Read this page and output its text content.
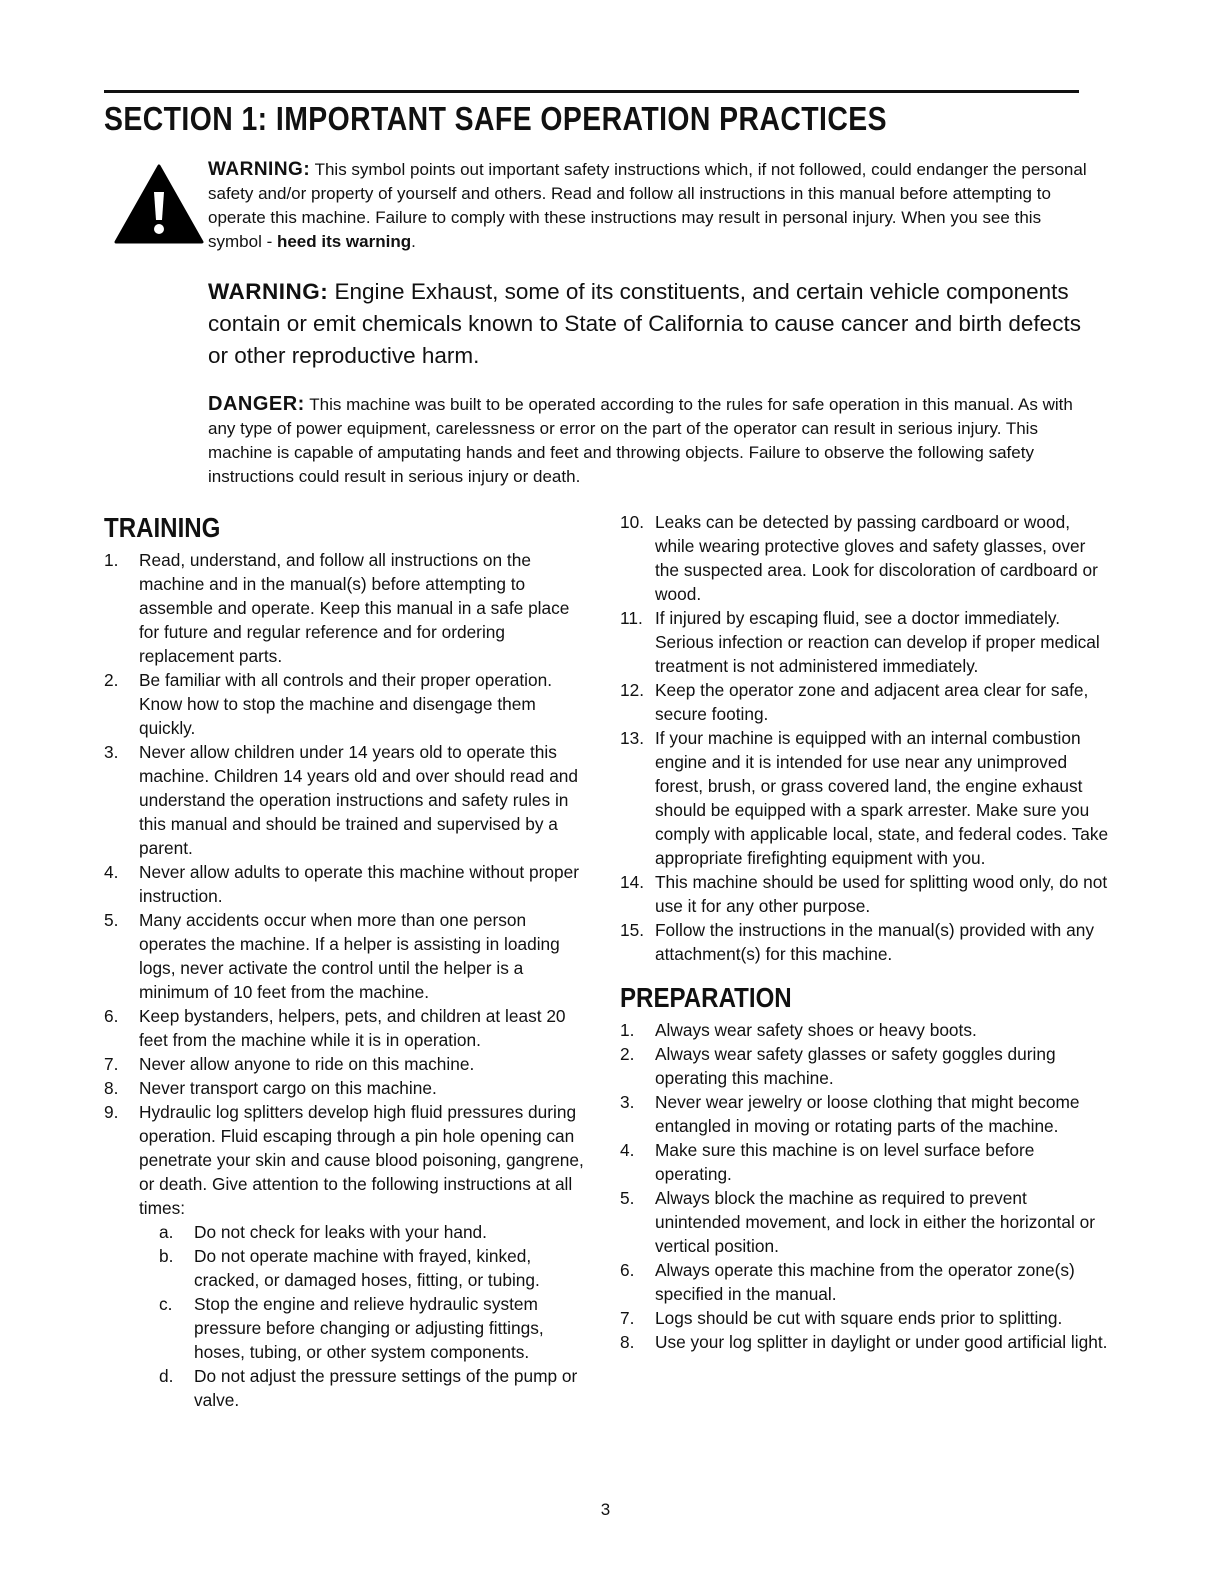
SECTION 1: IMPORTANT SAFE OPERATION PRACTICES
WARNING: This symbol points out important safety instructions which, if not followed, could endanger the personal safety and/or property of yourself and others. Read and follow all instructions in this manual before attempting to operate this machine. Failure to comply with these instructions may result in personal injury. When you see this symbol - heed its warning.
WARNING: Engine Exhaust, some of its constituents, and certain vehicle components contain or emit chemicals known to State of California to cause cancer and birth defects or other reproductive harm.
DANGER: This machine was built to be operated according to the rules for safe operation in this manual. As with any type of power equipment, carelessness or error on the part of the operator can result in serious injury. This machine is capable of amputating hands and feet and throwing objects. Failure to observe the following safety instructions could result in serious injury or death.
TRAINING
1. Read, understand, and follow all instructions on the machine and in the manual(s) before attempting to assemble and operate. Keep this manual in a safe place for future and regular reference and for ordering replacement parts.
2. Be familiar with all controls and their proper operation. Know how to stop the machine and disengage them quickly.
3. Never allow children under 14 years old to operate this machine. Children 14 years old and over should read and understand the operation instructions and safety rules in this manual and should be trained and supervised by a parent.
4. Never allow adults to operate this machine without proper instruction.
5. Many accidents occur when more than one person operates the machine. If a helper is assisting in loading logs, never activate the control until the helper is a minimum of 10 feet from the machine.
6. Keep bystanders, helpers, pets, and children at least 20 feet from the machine while it is in operation.
7. Never allow anyone to ride on this machine.
8. Never transport cargo on this machine.
9. Hydraulic log splitters develop high fluid pressures during operation. Fluid escaping through a pin hole opening can penetrate your skin and cause blood poisoning, gangrene, or death. Give attention to the following instructions at all times:
a. Do not check for leaks with your hand.
b. Do not operate machine with frayed, kinked, cracked, or damaged hoses, fitting, or tubing.
c. Stop the engine and relieve hydraulic system pressure before changing or adjusting fittings, hoses, tubing, or other system components.
d. Do not adjust the pressure settings of the pump or valve.
10. Leaks can be detected by passing cardboard or wood, while wearing protective gloves and safety glasses, over the suspected area. Look for discoloration of cardboard or wood.
11. If injured by escaping fluid, see a doctor immediately. Serious infection or reaction can develop if proper medical treatment is not administered immediately.
12. Keep the operator zone and adjacent area clear for safe, secure footing.
13. If your machine is equipped with an internal combustion engine and it is intended for use near any unimproved forest, brush, or grass covered land, the engine exhaust should be equipped with a spark arrester. Make sure you comply with applicable local, state, and federal codes. Take appropriate firefighting equipment with you.
14. This machine should be used for splitting wood only, do not use it for any other purpose.
15. Follow the instructions in the manual(s) provided with any attachment(s) for this machine.
PREPARATION
1. Always wear safety shoes or heavy boots.
2. Always wear safety glasses or safety goggles during operating this machine.
3. Never wear jewelry or loose clothing that might become entangled in moving or rotating parts of the machine.
4. Make sure this machine is on level surface before operating.
5. Always block the machine as required to prevent unintended movement, and lock in either the horizontal or vertical position.
6. Always operate this machine from the operator zone(s) specified in the manual.
7. Logs should be cut with square ends prior to splitting.
8. Use your log splitter in daylight or under good artificial light.
3
